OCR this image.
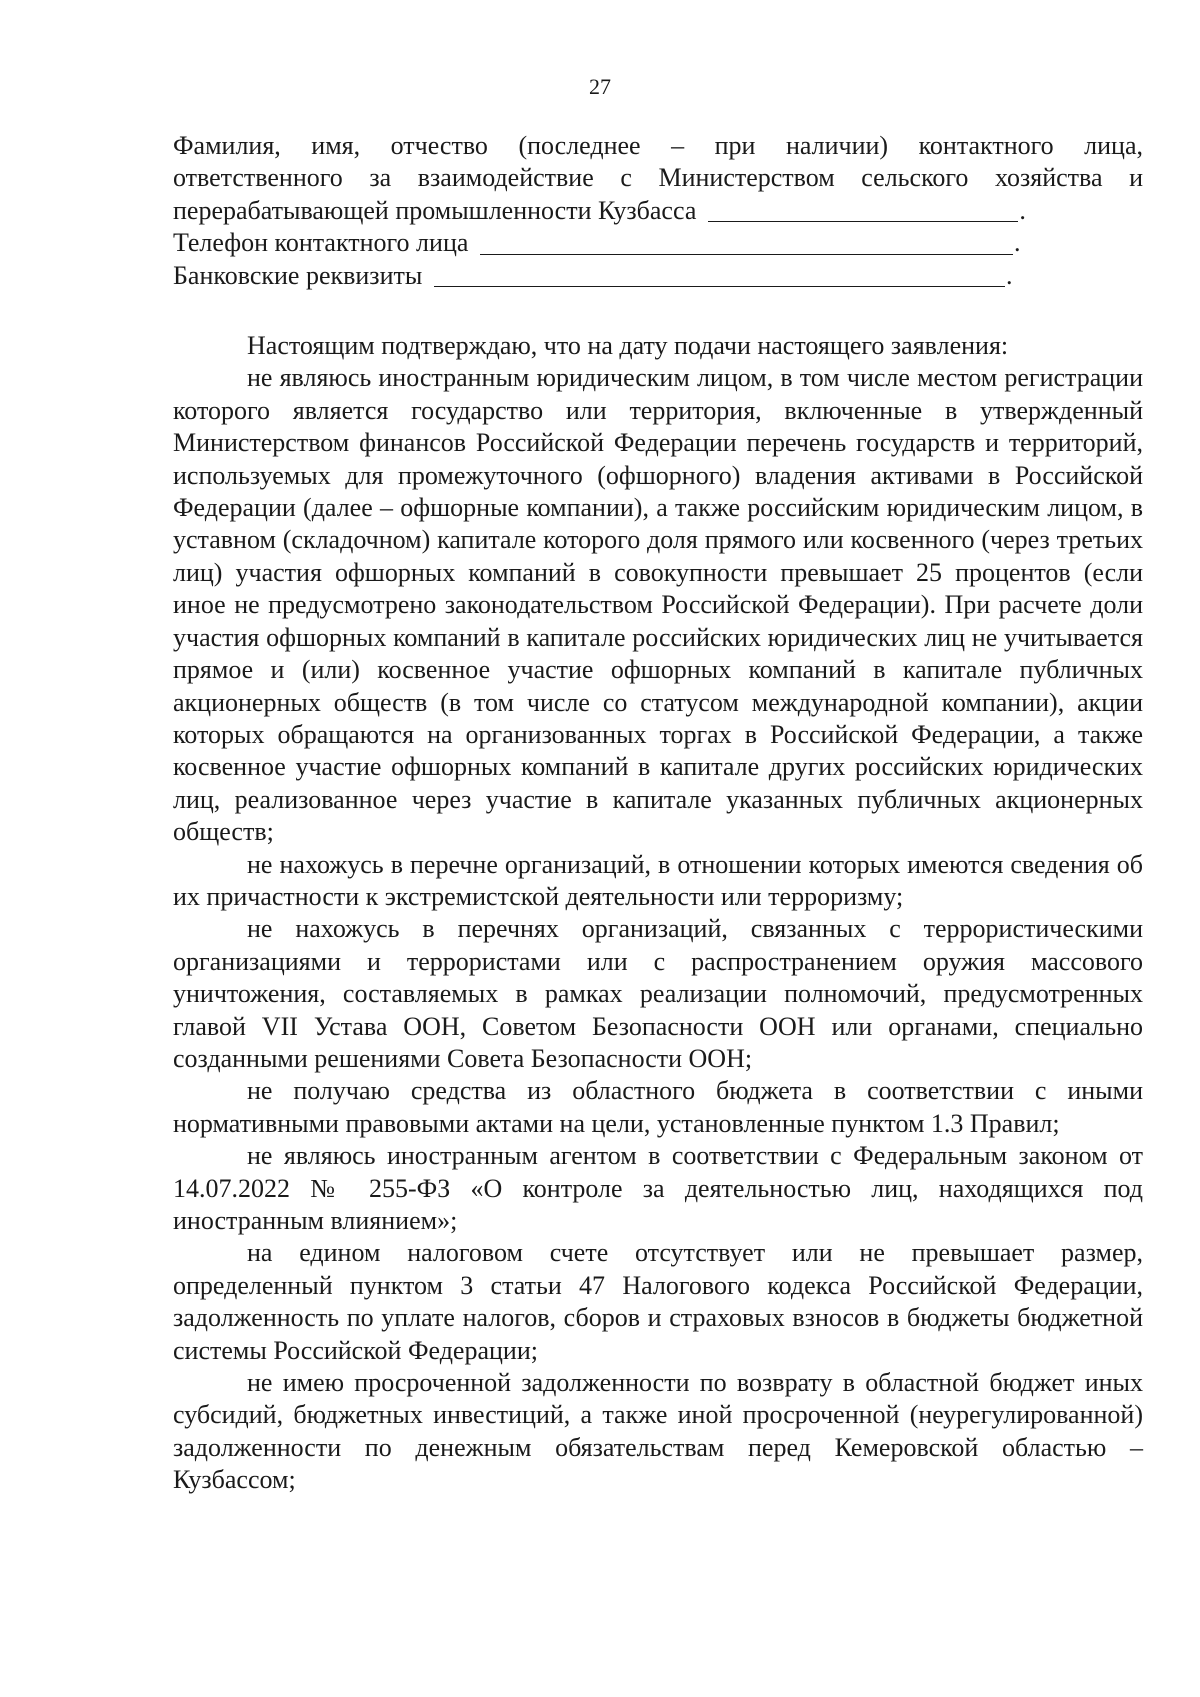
27

Фамилия, имя, отчество (последнее – при наличии) контактного лица,

ответственного за взаимодействие с Министерством сельского хозяйства и

перерабатывающей промышленности Кузбасса	.
Телефон контактного лица	.
Банковские реквизиты	.

Настоящим подтверждаю, что на дату подачи настоящего заявления:

не являюсь иностранным юридическим лицом, в том числе местом регистрации которого является государство или территория, включенные в утвержденный Министерством финансов Российской Федерации перечень государств и территорий, используемых для промежуточного (офшорного) владения активами в Российской Федерации (далее – офшорные компании), а также российским юридическим лицом, в уставном (складочном) капитале которого доля прямого или косвенного (через третьих лиц) участия офшорных компаний в совокупности превышает 25 процентов (если иное не предусмотрено законодательством Российской Федерации). При расчете доли участия офшорных компаний в капитале российских юридических лиц не учитывается прямое и (или) косвенное участие офшорных компаний в капитале публичных акционерных обществ (в том числе со статусом международной компании), акции которых обращаются на организованных торгах в Российской Федерации, а также косвенное участие офшорных компаний в капитале других российских юридических лиц, реализованное через участие в капитале указанных публичных акционерных обществ;

не нахожусь в перечне организаций, в отношении которых имеются сведения об их причастности к экстремистской деятельности или терроризму;

не нахожусь в перечнях организаций, связанных с террористическими организациями и террористами или с распространением оружия массового уничтожения, составляемых в рамках реализации полномочий, предусмотренных главой VII Устава ООН, Советом Безопасности ООН или органами, специально созданными решениями Совета Безопасности ООН;

не получаю средства из областного бюджета в соответствии с иными нормативными правовыми актами на цели, установленные пунктом 1.3 Правил;

не являюсь иностранным агентом в соответствии с Федеральным законом от 14.07.2022 № 255-ФЗ «О контроле за деятельностью лиц, находящихся под иностранным влиянием»;

на едином налоговом счете отсутствует или не превышает размер, определенный пунктом 3 статьи 47 Налогового кодекса Российской Федерации, задолженность по уплате налогов, сборов и страховых взносов в бюджеты бюджетной системы Российской Федерации;

не имею просроченной задолженности по возврату в областной бюджет иных субсидий, бюджетных инвестиций, а также иной просроченной (неурегулированной) задолженности по денежным обязательствам перед Кемеровской областью – Кузбассом;
